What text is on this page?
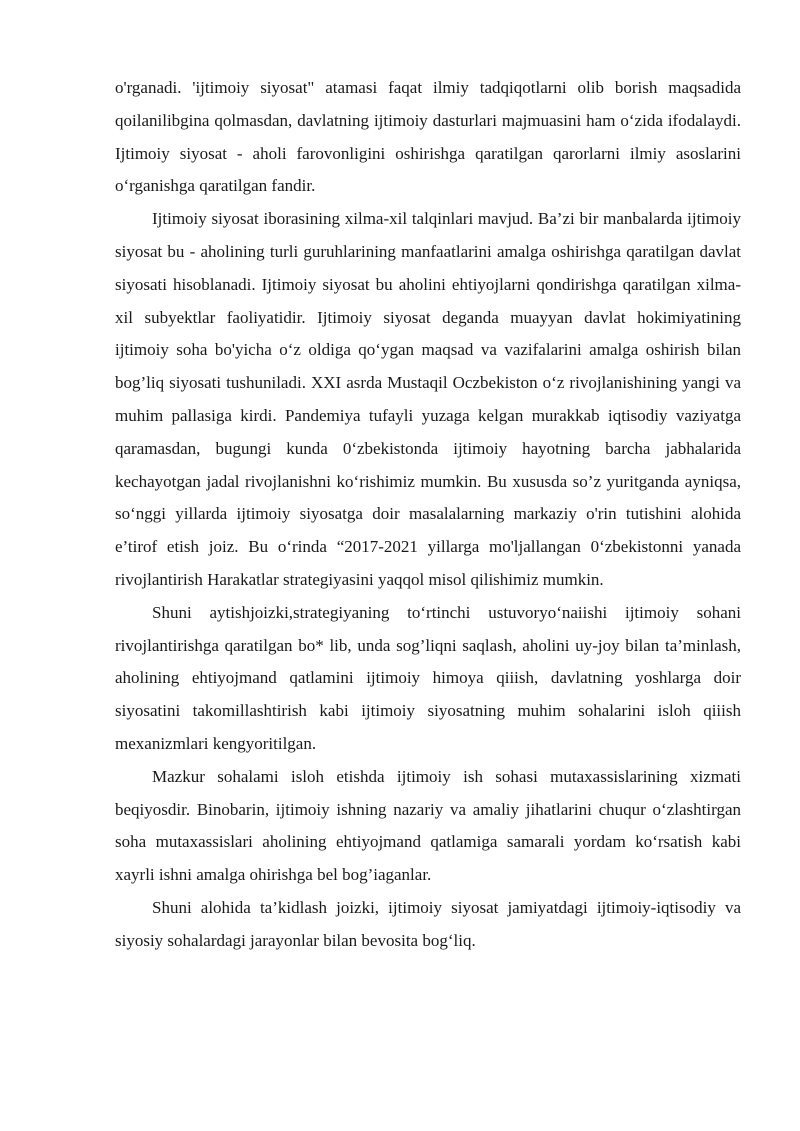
o'rganadi. 'ijtimoiy siyosat" atamasi faqat ilmiy tadqiqotlarni olib borish maqsadida qoilanilibgina qolmasdan, davlatning ijtimoiy dasturlari majmuasini ham o‘zida ifodalaydi. Ijtimoiy siyosat - aholi farovonligini oshirishga qaratilgan qarorlarni ilmiy asoslarini o‘rganishga qaratilgan fandir.

Ijtimoiy siyosat iborasining xilma-xil talqinlari mavjud. Ba’zi bir manbalarda ijtimoiy siyosat bu - aholining turli guruhlarining manfaatlarini amalga oshirishga qaratilgan davlat siyosati hisoblanadi. Ijtimoiy siyosat bu aholini ehtiyojlarni qondirishga qaratilgan xilma-xil subyektlar faoliyatidir. Ijtimoiy siyosat deganda muayyan davlat hokimiyatining ijtimoiy soha bo'yicha o‘z oldiga qo‘ygan maqsad va vazifalarini amalga oshirish bilan bog’liq siyosati tushuniladi. XXI asrda Mustaqil Oczbekiston o‘z rivojlanishining yangi va muhim pallasiga kirdi. Pandemiya tufayli yuzaga kelgan murakkab iqtisodiy vaziyatga qaramasdan, bugungi kunda 0‘zbekistonda ijtimoiy hayotning barcha jabhalarida kechayotgan jadal rivojlanishni ko‘rishimiz mumkin. Bu xususda so’z yuritganda ayniqsa, so‘nggi yillarda ijtimoiy siyosatga doir masalalarning markaziy o'rin tutishini alohida e’tirof etish joiz. Bu o‘rinda “2017-2021 yillarga mo'ljallangan 0‘zbekistonni yanada rivojlantirish Harakatlar strategiyasini yaqqol misol qilishimiz mumkin.

Shuni aytishjoizki,strategiyaning to‘rtinchi ustuvoryo‘naiishi ijtimoiy sohani rivojlantirishga qaratilgan bo* lib, unda sog’liqni saqlash, aholini uy-joy bilan ta’minlash, aholining ehtiyojmand qatlamini ijtimoiy himoya qiiish, davlatning yoshlarga doir siyosatini takomillashtirish kabi ijtimoiy siyosatning muhim sohalarini isloh qiiish mexanizmlari kengyoritilgan.

Mazkur sohalami isloh etishda ijtimoiy ish sohasi mutaxassislarining xizmati beqiyosdir. Binobarin, ijtimoiy ishning nazariy va amaliy jihatlarini chuqur o‘zlashtirgan soha mutaxassislari aholining ehtiyojmand qatlamiga samarali yordam ko‘rsatish kabi xayrli ishni amalga ohirishga bel bog’iaganlar.

Shuni alohida ta’kidlash joizki, ijtimoiy siyosat jamiyatdagi ijtimoiy-iqtisodiy va siyosiy sohalardagi jarayonlar bilan bevosita bog‘liq.
